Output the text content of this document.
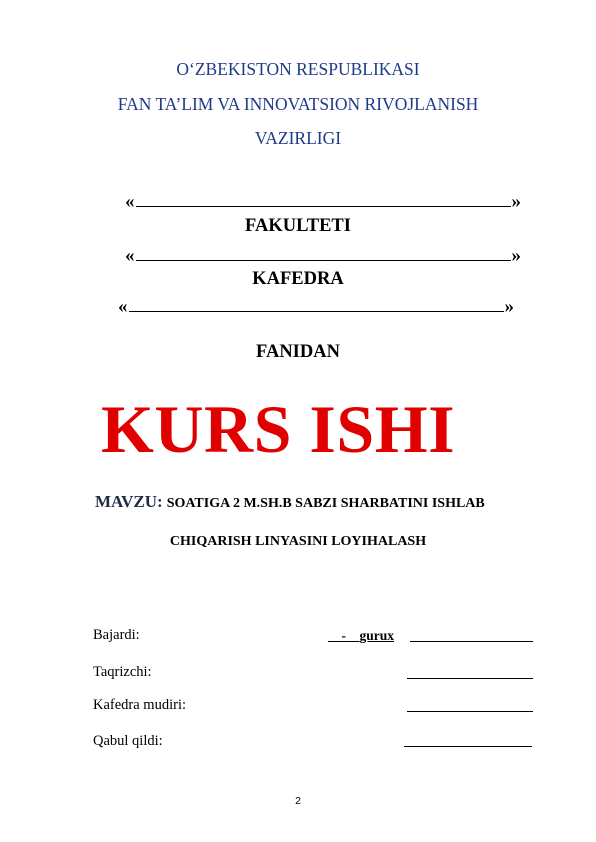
O‘ZBEKISTON RESPUBLIKASI
FAN TA’LIM VA INNOVATSION RIVOJLANISH
VAZIRLIGI
«	»
FAKULTETI
«	»
KAFEDRA
«	»
FANIDAN
KURS ISHI
MAVZU: SOATIGA 2 M.SH.B SABZI SHARBATINI ISHLAB
CHIQARISH LINYASINI LOYIHALASH
Bajardi:	__-__gurux
Taqrizchi:
Kafedra mudiri:
Qabul qildi:
2
